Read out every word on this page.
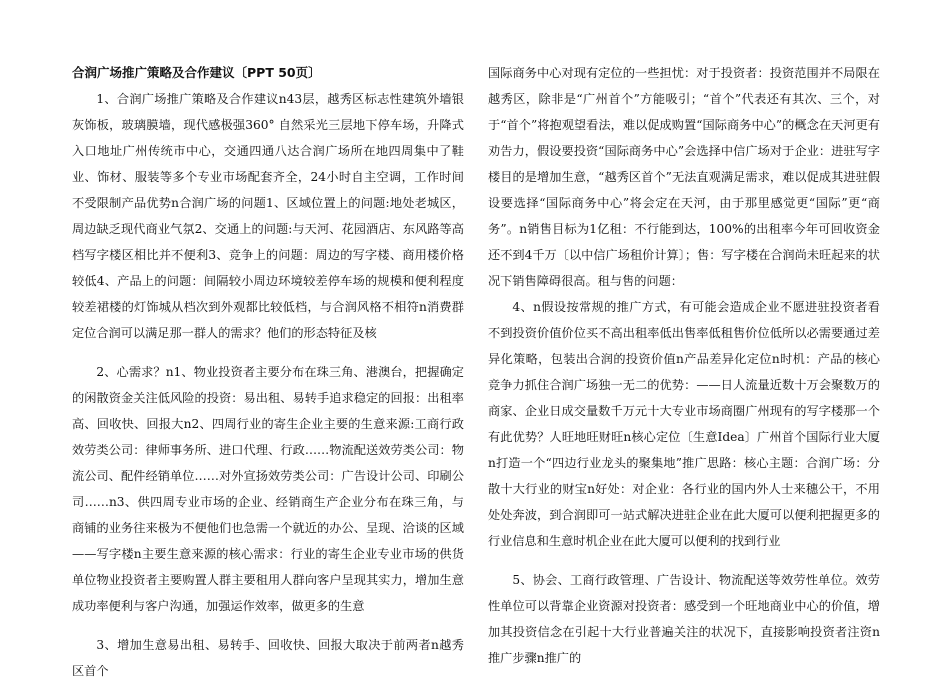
合润广场推广策略及合作建议〔PPT 50页〕

1、合润广场推广策略及合作建议n43层，越秀区标志性建筑外墙银灰饰板，玻璃膜墙，现代感极强360° 自然采光三层地下停车场，升降式入口地址广州传统市中心，交通四通八达合润广场所在地四周集中了鞋业、饰材、服装等多个专业市场配套齐全，24小时自主空调，工作时间不受限制产品优势n合润广场的问题1、区域位置上的问题:地处老城区，周边缺乏现代商业气氛2、交通上的问题:与天河、花园酒店、东风路等高档写字楼区相比并不便利3、竞争上的问题：周边的写字楼、商用楼价格较低4、产品上的问题：间隔较小周边环境较差停车场的规模和便利程度较差裙楼的灯饰城从档次到外观都比较低档，与合润风格不相符n消费群定位合润可以满足那一群人的需求？他们的形态特征及核

2、心需求？n1、物业投资者主要分布在珠三角、港澳台，把握确定的闲散资金关注低风险的投资：易出租、易转手追求稳定的回报：出租率高、回收快、回报大n2、四周行业的寄生企业主要的生意来源:工商行政效劳类公司：律师事务所、进口代理、行政……物流配送效劳类公司：物流公司、配件经销单位……对外宣扬效劳类公司：广告设计公司、印刷公司……n3、供四周专业市场的企业、经销商生产企业分布在珠三角，与商铺的业务往来极为不便他们也急需一个就近的办公、呈现、洽谈的区域——写字楼n主要生意来源的核心需求：行业的寄生企业专业市场的供货单位物业投资者主要购置人群主要租用人群向客户呈现其实力，增加生意成功率便利与客户沟通，加强运作效率，做更多的生意

3、增加生意易出租、易转手、回收快、回报大取决于前两者n越秀区首个

国际商务中心对现有定位的一些担忧：对于投资者：投资范围并不局限在越秀区，除非是“广州首个”方能吸引；“首个”代表还有其次、三个，对于“首个”将抱观望看法，难以促成购置“国际商务中心”的概念在天河更有劝告力，假设要投资“国际商务中心”会选择中信广场对于企业：进驻写字楼目的是增加生意，“越秀区首个”无法直观满足需求，难以促成其进驻假设要选择“国际商务中心”将会定在天河，由于那里感觉更“国际”更“商务”。n销售目标为1亿租：不行能到达，100%的出租率今年可回收资金还不到4千万〔以中信广场租价计算〕；售：写字楼在合润尚未旺起来的状况下销售障碍很高。租与售的问题：

4、n假设按常规的推广方式，有可能会造成企业不愿进驻投资者看不到投资价值价位买不高出租率低出售率低租售价位低所以必需要通过差异化策略，包装出合润的投资价值n产品差异化定位n时机：产品的核心竞争力抓住合润广场独一无二的优势：——日人流量近数十万会聚数万的商家、企业日成交量数千万元十大专业市场商圈广州现有的写字楼那一个有此优势？人旺地旺财旺n核心定位〔生意Idea〕广州首个国际行业大厦n打造一个“四边行业龙头的聚集地”推广思路：核心主题：合润广场：分散十大行业的财宝n好处：对企业：各行业的国内外人士来穗公干，不用处处奔波，到合润即可一站式解决进驻企业在此大厦可以便利把握更多的行业信息和生意时机企业在此大厦可以便利的找到行业

5、协会、工商行政管理、广告设计、物流配送等效劳性单位。效劳性单位可以背靠企业资源对投资者：感受到一个旺地商业中心的价值，增加其投资信念在引起十大行业普遍关注的状况下，直接影响投资者注资n推广步骤n推广的
